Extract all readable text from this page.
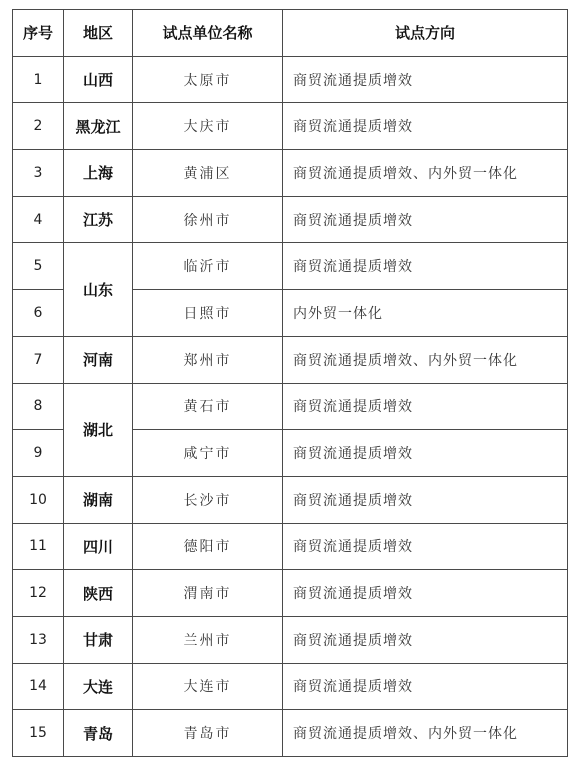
序号	地区	试点单位名称	试点方向
1	山西	太原市	商贸流通提质增效
2	黑龙江	大庆市	商贸流通提质增效
3	上海	黄浦区	商贸流通提质增效、内外贸一体化
4	江苏	徐州市	商贸流通提质增效
5	山东	临沂市	商贸流通提质增效
6		日照市	内外贸一体化
7	河南	郑州市	商贸流通提质增效、内外贸一体化
8	湖北	黄石市	商贸流通提质增效
9		咸宁市	商贸流通提质增效
10	湖南	长沙市	商贸流通提质增效
11	四川	德阳市	商贸流通提质增效
12	陕西	渭南市	商贸流通提质增效
13	甘肃	兰州市	商贸流通提质增效
14	大连	大连市	商贸流通提质增效
15	青岛	青岛市	商贸流通提质增效、内外贸一体化
